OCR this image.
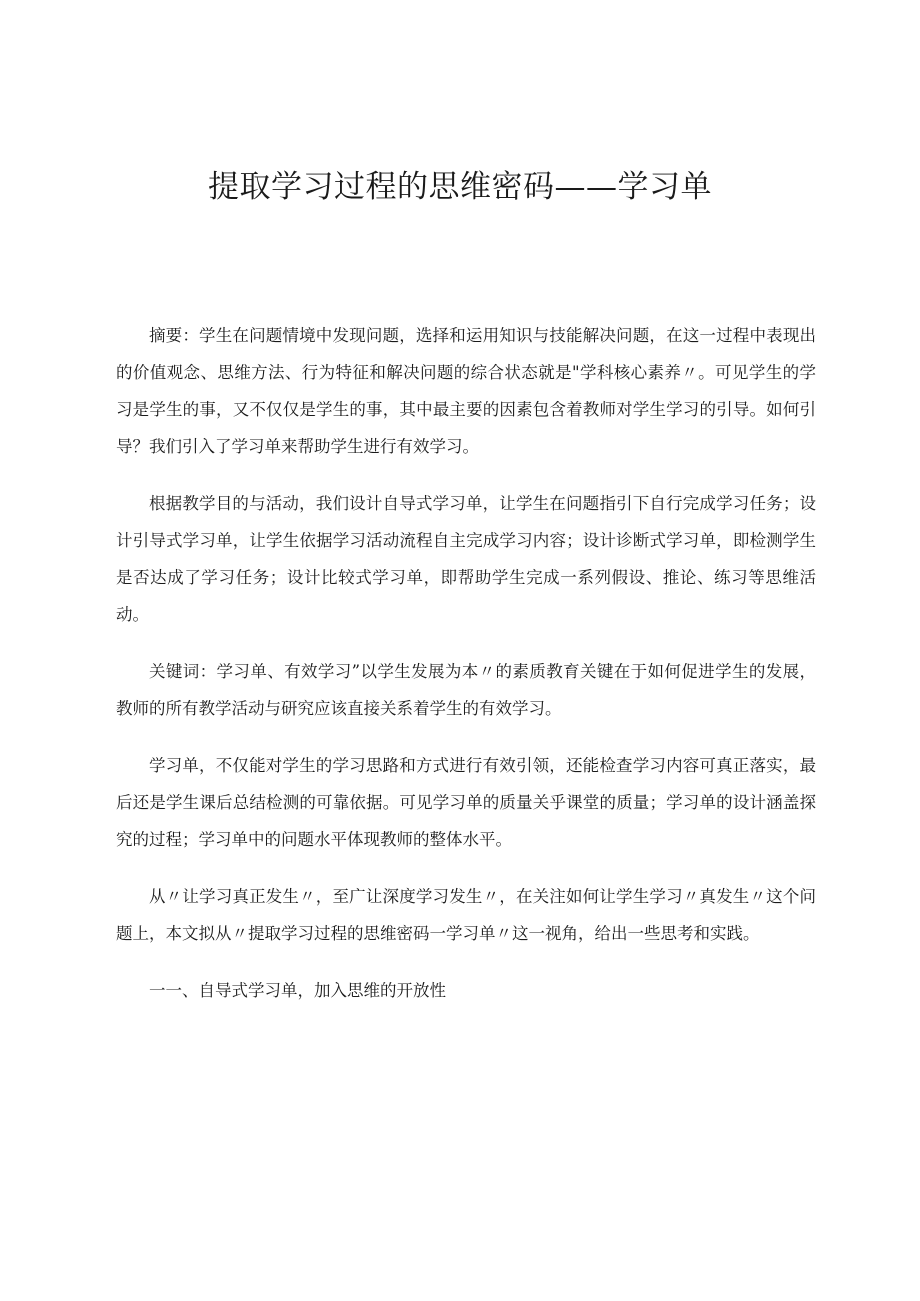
提取学习过程的思维密码——学习单

摘要：学生在问题情境中发现问题，选择和运用知识与技能解决问题，在这一过程中表现出的价值观念、思维方法、行为特征和解决问题的综合状态就是"学科核心素养〃。可见学生的学习是学生的事，又不仅仅是学生的事，其中最主要的因素包含着教师对学生学习的引导。如何引导？我们引入了学习单来帮助学生进行有效学习。

根据教学目的与活动，我们设计自导式学习单，让学生在问题指引下自行完成学习任务；设计引导式学习单，让学生依据学习活动流程自主完成学习内容；设计诊断式学习单，即检测学生是否达成了学习任务；设计比较式学习单，即帮助学生完成一系列假设、推论、练习等思维活动。

关键词：学习单、有效学习”以学生发展为本〃的素质教育关键在于如何促进学生的发展，教师的所有教学活动与研究应该直接关系着学生的有效学习。

学习单，不仅能对学生的学习思路和方式进行有效引领，还能检查学习内容可真正落实，最后还是学生课后总结检测的可靠依据。可见学习单的质量关乎课堂的质量；学习单的设计涵盖探究的过程；学习单中的问题水平体现教师的整体水平。

从〃让学习真正发生〃，至广让深度学习发生〃，在关注如何让学生学习〃真发生〃这个问题上，本文拟从〃提取学习过程的思维密码一学习单〃这一视角，给出一些思考和实践。

一一、自导式学习单，加入思维的开放性
